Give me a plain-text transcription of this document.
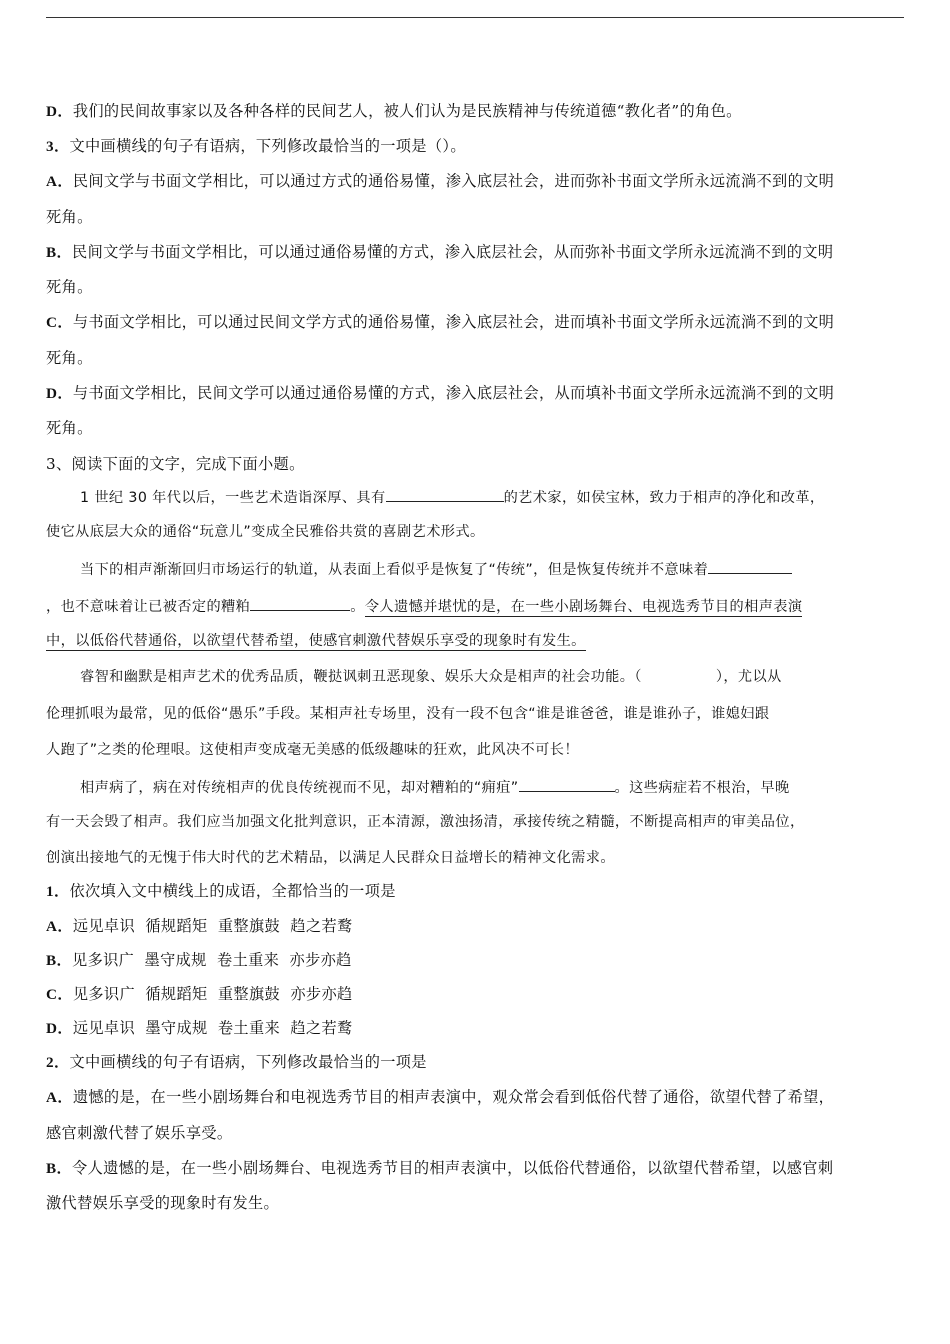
D．我们的民间故事家以及各种各样的民间艺人，被人们认为是民族精神与传统道德“教化者”的角色。
3．文中画横线的句子有语病，下列修改最恰当的一项是（）。
A．民间文学与书面文学相比，可以通过方式的通俗易懂，渗入底层社会，进而弥补书面文学所永远流淌不到的文明
死角。
B．民间文学与书面文学相比，可以通过通俗易懂的方式，渗入底层社会，从而弥补书面文学所永远流淌不到的文明
死角。
C．与书面文学相比，可以通过民间文学方式的通俗易懂，渗入底层社会，进而填补书面文学所永远流淌不到的文明
死角。
D．与书面文学相比，民间文学可以通过通俗易懂的方式，渗入底层社会，从而填补书面文学所永远流淌不到的文明
死角。
3、阅读下面的文字，完成下面小题。
1 世纪 30 年代以后，一些艺术造诣深厚、具有	的艺术家，如侯宝林，致力于相声的净化和改革，
使它从底层大众的通俗“玩意儿”变成全民雅俗共赏的喜剧艺术形式。
当下的相声渐渐回归市场运行的轨道，从表面上看似乎是恢复了“传统”，但是恢复传统并不意味着
，也不意味着让已被否定的糟粕	。令人遗憾并堪忧的是，在一些小剧场舞台、电视选秀节目的相声表演
中，以低俗代替通俗，以欲望代替希望，使感官刺激代替娱乐享受的现象时有发生。
睿智和幽默是相声艺术的优秀品质，鞭挞讽刺丑恶现象、娱乐大众是相声的社会功能。（	），尤以从
伦理抓哏为最常，见的低俗“愚乐”手段。某相声社专场里，没有一段不包含“谁是谁爸爸，谁是谁孙子，谁媳妇跟
人跑了”之类的伦理哏。这使相声变成毫无美感的低级趣味的狂欢，此风决不可长！
相声病了，病在对传统相声的优良传统视而不见，却对糟粕的“痈疽”	。这些病症若不根治，早晚
有一天会毁了相声。我们应当加强文化批判意识，正本清源，激浊扬清，承接传统之精髓，不断提高相声的审美品位，
创演出接地气的无愧于伟大时代的艺术精品，以满足人民群众日益增长的精神文化需求。
1．依次填入文中横线上的成语，全都恰当的一项是
A．远见卓识  循规蹈矩  重整旗鼓  趋之若鹜
B．见多识广  墨守成规  卷土重来  亦步亦趋
C．见多识广  循规蹈矩  重整旗鼓  亦步亦趋
D．远见卓识  墨守成规  卷土重来  趋之若鹜
2．文中画横线的句子有语病，下列修改最恰当的一项是
A．遗憾的是，在一些小剧场舞台和电视选秀节目的相声表演中，观众常会看到低俗代替了通俗，欲望代替了希望，
感官刺激代替了娱乐享受。
B．令人遗憾的是，在一些小剧场舞台、电视选秀节目的相声表演中，以低俗代替通俗，以欲望代替希望，以感官刺
激代替娱乐享受的现象时有发生。
